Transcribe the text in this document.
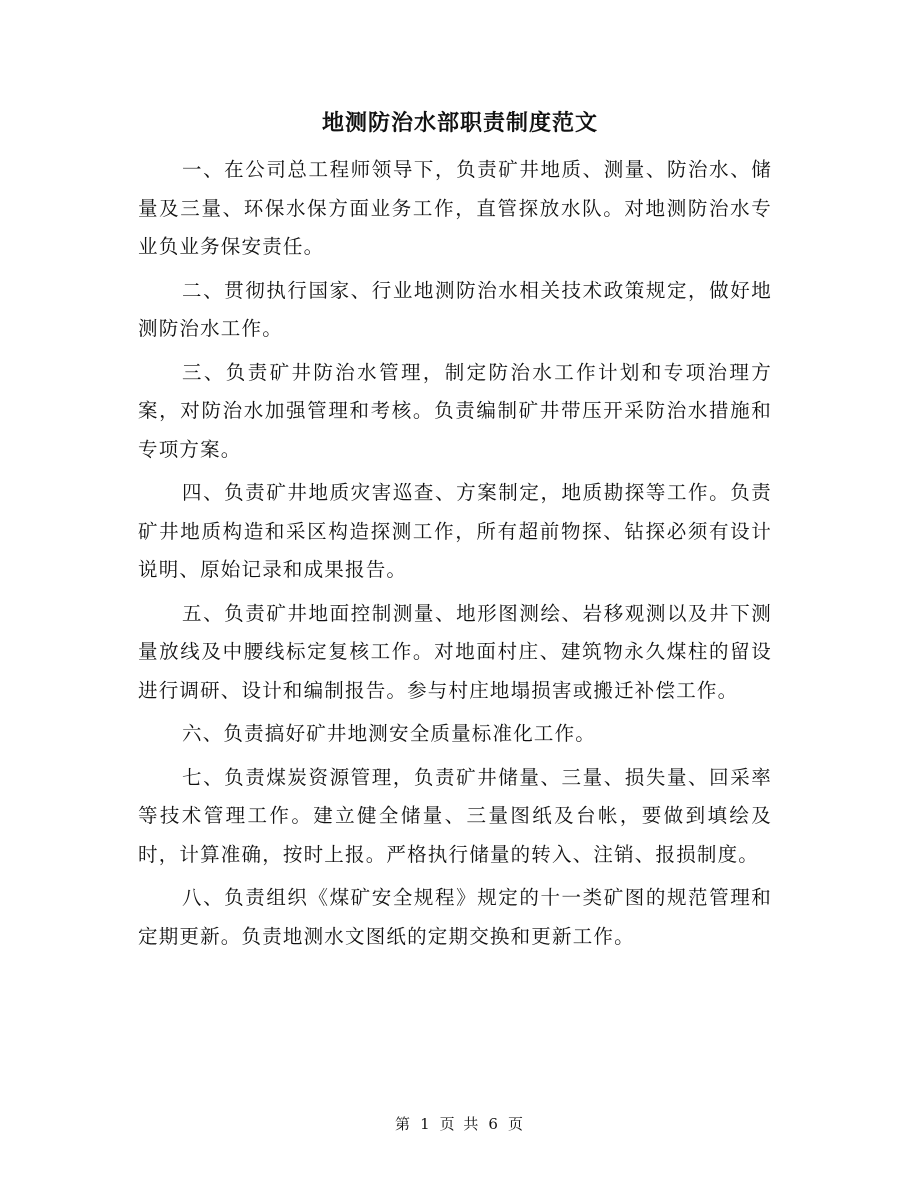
地测防治水部职责制度范文

一、在公司总工程师领导下，负责矿井地质、测量、防治水、储量及三量、环保水保方面业务工作，直管探放水队。对地测防治水专业负业务保安责任。

二、贯彻执行国家、行业地测防治水相关技术政策规定，做好地测防治水工作。

三、负责矿井防治水管理，制定防治水工作计划和专项治理方案，对防治水加强管理和考核。负责编制矿井带压开采防治水措施和专项方案。

四、负责矿井地质灾害巡查、方案制定，地质勘探等工作。负责矿井地质构造和采区构造探测工作，所有超前物探、钻探必须有设计说明、原始记录和成果报告。

五、负责矿井地面控制测量、地形图测绘、岩移观测以及井下测量放线及中腰线标定复核工作。对地面村庄、建筑物永久煤柱的留设进行调研、设计和编制报告。参与村庄地塌损害或搬迁补偿工作。

六、负责搞好矿井地测安全质量标准化工作。

七、负责煤炭资源管理，负责矿井储量、三量、损失量、回采率等技术管理工作。建立健全储量、三量图纸及台帐，要做到填绘及时，计算准确，按时上报。严格执行储量的转入、注销、报损制度。

八、负责组织《煤矿安全规程》规定的十一类矿图的规范管理和定期更新。负责地测水文图纸的定期交换和更新工作。

第 1 页 共 6 页
